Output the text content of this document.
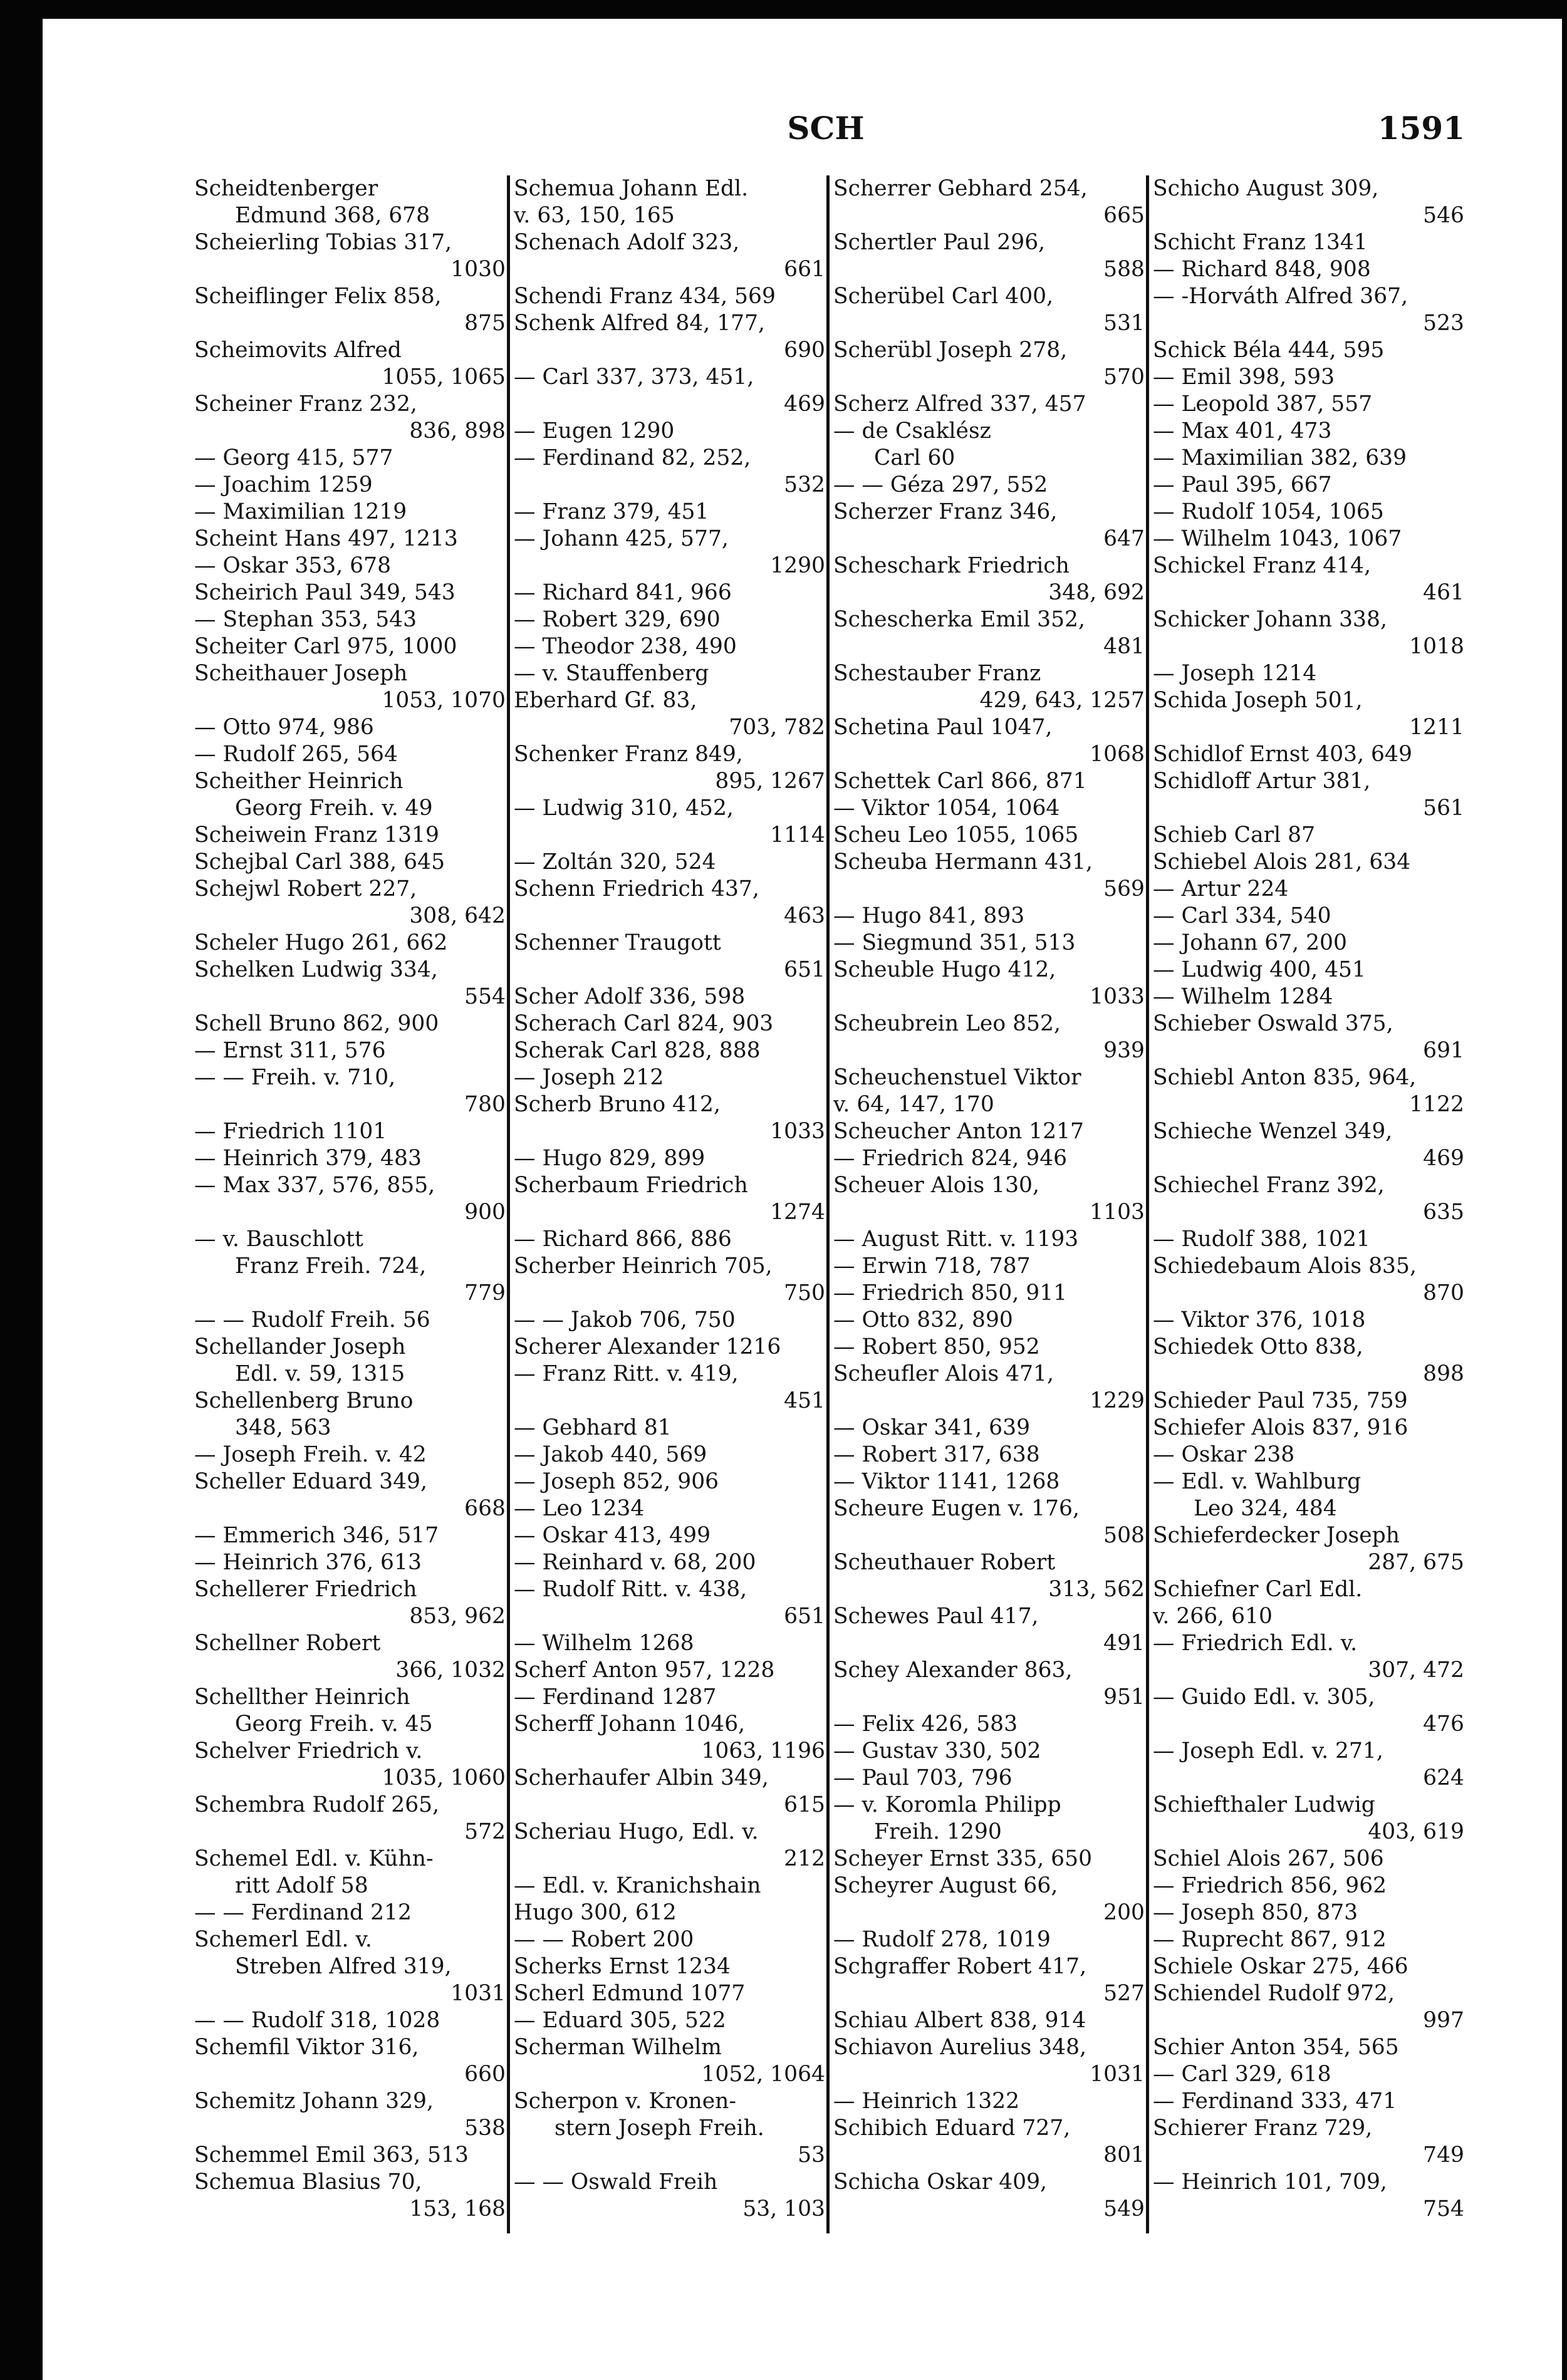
SCH	1591
Scheidtenberger
Edmund 368, 678
Scheierling Tobias 317,
1030
Scheiflinger Felix 858,
875
Scheimovits Alfred
1055, 1065
Scheiner Franz 232,
836, 898
— Georg 415, 577
— Joachim 1259
— Maximilian 1219
Scheint Hans 497, 1213
— Oskar 353, 678
Scheirich Paul 349, 543
— Stephan 353, 543
Scheiter Carl 975, 1000
Scheithauer Joseph
1053, 1070
— Otto 974, 986
— Rudolf 265, 564
Scheither Heinrich
Georg Freih. v. 49
Scheiwein Franz 1319
Schejbal Carl 388, 645
Schejwl Robert 227,
308, 642
Scheler Hugo 261, 662
Schelken Ludwig 334,
554
Schell Bruno 862, 900
— Ernst 311, 576
— — Freih. v. 710,
780
— Friedrich 1101
— Heinrich 379, 483
— Max 337, 576, 855,
900
— v. Bauschlott
Franz Freih. 724,
779
— — Rudolf Freih. 56
Schellander Joseph
Edl. v. 59, 1315
Schellenberg Bruno
348, 563
— Joseph Freih. v. 42
Scheller Eduard 349,
668
— Emmerich 346, 517
— Heinrich 376, 613
Schellerer Friedrich
853, 962
Schellner Robert
366, 1032
Schellther Heinrich
Georg Freih. v. 45
Schelver Friedrich v.
1035, 1060
Schembra Rudolf 265,
572
Schemel Edl. v. Kühn-
ritt Adolf 58
— — Ferdinand 212
Schemerl Edl. v.
Streben Alfred 319,
1031
— — Rudolf 318, 1028
Schemfil Viktor 316,
660
Schemitz Johann 329,
538
Schemmel Emil 363, 513
Schemua Blasius 70,
153, 168
Schemua Johann Edl.
v. 63, 150, 165
Schenach Adolf 323,
661
Schendi Franz 434, 569
Schenk Alfred 84, 177,
690
— Carl 337, 373, 451,
469
— Eugen 1290
— Ferdinand 82, 252,
532
— Franz 379, 451
— Johann 425, 577,
1290
— Richard 841, 966
— Robert 329, 690
— Theodor 238, 490
— v. Stauffenberg
Eberhard Gf. 83,
703, 782
Schenker Franz 849,
895, 1267
— Ludwig 310, 452,
1114
— Zoltán 320, 524
Schenn Friedrich 437,
463
Schenner Traugott
651
Scher Adolf 336, 598
Scherach Carl 824, 903
Scherak Carl 828, 888
— Joseph 212
Scherb Bruno 412,
1033
— Hugo 829, 899
Scherbaum Friedrich
1274
— Richard 866, 886
Scherber Heinrich 705,
750
— — Jakob 706, 750
Scherer Alexander 1216
— Franz Ritt. v. 419,
451
— Gebhard 81
— Jakob 440, 569
— Joseph 852, 906
— Leo 1234
— Oskar 413, 499
— Reinhard v. 68, 200
— Rudolf Ritt. v. 438,
651
— Wilhelm 1268
Scherf Anton 957, 1228
— Ferdinand 1287
Scherff Johann 1046,
1063, 1196
Scherhaufer Albin 349,
615
Scheriau Hugo, Edl. v.
212
— Edl. v. Kranichshain
Hugo 300, 612
— — Robert 200
Scherks Ernst 1234
Scherl Edmund 1077
— Eduard 305, 522
Scherman Wilhelm
1052, 1064
Scherpon v. Kronen-
stern Joseph Freih.
53
— — Oswald Freih
53, 103
Scherrer Gebhard 254,
665
Schertler Paul 296,
588
Scherübel Carl 400,
531
Scherübl Joseph 278,
570
Scherz Alfred 337, 457
— de Csaklész
Carl 60
— — Géza 297, 552
Scherzer Franz 346,
647
Scheschark Friedrich
348, 692
Schescherka Emil 352,
481
Schestauber Franz
429, 643, 1257
Schetina Paul 1047,
1068
Schettek Carl 866, 871
— Viktor 1054, 1064
Scheu Leo 1055, 1065
Scheuba Hermann 431,
569
— Hugo 841, 893
— Siegmund 351, 513
Scheuble Hugo 412,
1033
Scheubrein Leo 852,
939
Scheuchenstuel Viktor
v. 64, 147, 170
Scheucher Anton 1217
— Friedrich 824, 946
Scheuer Alois 130,
1103
— August Ritt. v. 1193
— Erwin 718, 787
— Friedrich 850, 911
— Otto 832, 890
— Robert 850, 952
Scheufler Alois 471,
1229
— Oskar 341, 639
— Robert 317, 638
— Viktor 1141, 1268
Scheure Eugen v. 176,
508
Scheuthauer Robert
313, 562
Schewes Paul 417,
491
Schey Alexander 863,
951
— Felix 426, 583
— Gustav 330, 502
— Paul 703, 796
— v. Koromla Philipp
Freih. 1290
Scheyer Ernst 335, 650
Scheyrer August 66,
200
— Rudolf 278, 1019
Schgraffer Robert 417,
527
Schiau Albert 838, 914
Schiavon Aurelius 348,
1031
— Heinrich 1322
Schibich Eduard 727,
801
Schicha Oskar 409,
549
Schicho August 309,
546
Schicht Franz 1341
— Richard 848, 908
— -Horváth Alfred 367,
523
Schick Béla 444, 595
— Emil 398, 593
— Leopold 387, 557
— Max 401, 473
— Maximilian 382, 639
— Paul 395, 667
— Rudolf 1054, 1065
— Wilhelm 1043, 1067
Schickel Franz 414,
461
Schicker Johann 338,
1018
— Joseph 1214
Schida Joseph 501,
1211
Schidlof Ernst 403, 649
Schidloff Artur 381,
561
Schieb Carl 87
Schiebel Alois 281, 634
— Artur 224
— Carl 334, 540
— Johann 67, 200
— Ludwig 400, 451
— Wilhelm 1284
Schieber Oswald 375,
691
Schiebl Anton 835, 964,
1122
Schieche Wenzel 349,
469
Schiechel Franz 392,
635
— Rudolf 388, 1021
Schiedebaum Alois 835,
870
— Viktor 376, 1018
Schiedek Otto 838,
898
Schieder Paul 735, 759
Schiefer Alois 837, 916
— Oskar 238
— Edl. v. Wahlburg
Leo 324, 484
Schieferdecker Joseph
287, 675
Schiefner Carl Edl.
v. 266, 610
— Friedrich Edl. v.
307, 472
— Guido Edl. v. 305,
476
— Joseph Edl. v. 271,
624
Schiefthaler Ludwig
403, 619
Schiel Alois 267, 506
— Friedrich 856, 962
— Joseph 850, 873
— Ruprecht 867, 912
Schiele Oskar 275, 466
Schiendel Rudolf 972,
997
Schier Anton 354, 565
— Carl 329, 618
— Ferdinand 333, 471
Schierer Franz 729,
749
— Heinrich 101, 709,
754
